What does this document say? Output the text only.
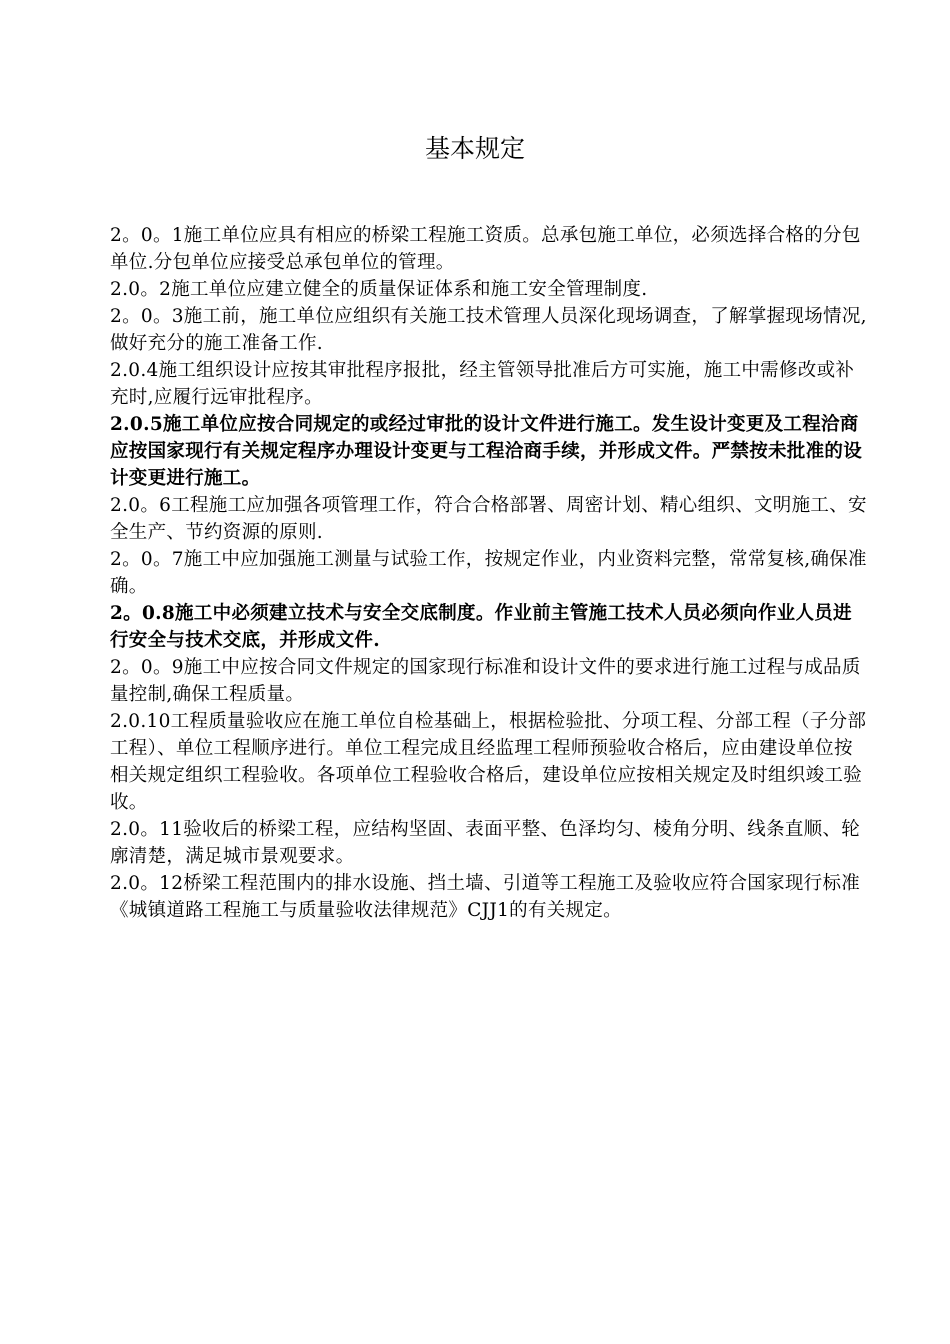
基本规定

2。0。1施工单位应具有相应的桥梁工程施工资质。总承包施工单位，必须选择合格的分包单位.分包单位应接受总承包单位的管理。

2.0。2施工单位应建立健全的质量保证体系和施工安全管理制度.

2。0。3施工前，施工单位应组织有关施工技术管理人员深化现场调查，了解掌握现场情况,做好充分的施工准备工作.

2.0.4施工组织设计应按其审批程序报批，经主管领导批准后方可实施，施工中需修改或补充时,应履行远审批程序。

2.0.5施工单位应按合同规定的或经过审批的设计文件进行施工。发生设计变更及工程洽商应按国家现行有关规定程序办理设计变更与工程洽商手续，并形成文件。严禁按未批准的设计变更进行施工。

2.0。6工程施工应加强各项管理工作，符合合格部署、周密计划、精心组织、文明施工、安全生产、节约资源的原则.

2。0。7施工中应加强施工测量与试验工作，按规定作业，内业资料完整，常常复核,确保准确。

2。0.8施工中必须建立技术与安全交底制度。作业前主管施工技术人员必须向作业人员进行安全与技术交底，并形成文件.

2。0。9施工中应按合同文件规定的国家现行标准和设计文件的要求进行施工过程与成品质量控制,确保工程质量。

2.0.10工程质量验收应在施工单位自检基础上，根据检验批、分项工程、分部工程（子分部工程）、单位工程顺序进行。单位工程完成且经监理工程师预验收合格后，应由建设单位按相关规定组织工程验收。各项单位工程验收合格后，建设单位应按相关规定及时组织竣工验收。

2.0。11验收后的桥梁工程，应结构坚固、表面平整、色泽均匀、棱角分明、线条直顺、轮廓清楚，满足城市景观要求。

2.0。12桥梁工程范围内的排水设施、挡土墙、引道等工程施工及验收应符合国家现行标准《城镇道路工程施工与质量验收法律规范》CJJ1的有关规定。
